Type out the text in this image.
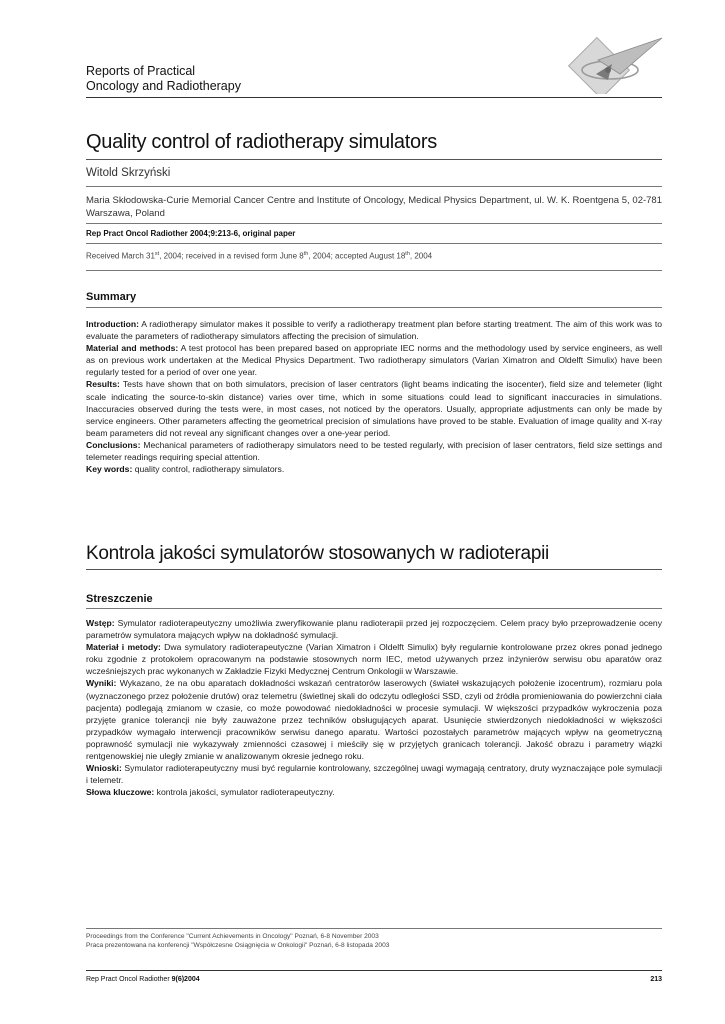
Reports of Practical
Oncology and Radiotherapy
Quality control of radiotherapy simulators
Witold Skrzyński
Maria Skłodowska-Curie Memorial Cancer Centre and Institute of Oncology, Medical Physics Department, ul. W. K. Roentgena 5, 02-781 Warszawa, Poland
Rep Pract Oncol Radiother 2004;9:213-6, original paper
Received March 31st, 2004; received in a revised form June 8th, 2004; accepted August 18th, 2004
Summary

Introduction: A radiotherapy simulator makes it possible to verify a radiotherapy treatment plan before starting treatment. The aim of this work was to evaluate the parameters of radiotherapy simulators affecting the precision of simulation.

Material and methods: A test protocol has been prepared based on appropriate IEC norms and the methodology used by service engineers, as well as on previous work undertaken at the Medical Physics Department. Two radiotherapy simulators (Varian Ximatron and Oldelft Simulix) have been regularly tested for a period of over one year.

Results: Tests have shown that on both simulators, precision of laser centrators (light beams indicating the isocenter), field size and telemeter (light scale indicating the source-to-skin distance) varies over time, which in some situations could lead to significant inaccuracies in simulations. Inaccuracies observed during the tests were, in most cases, not noticed by the operators. Usually, appropriate adjustments can only be made by service engineers. Other parameters affecting the geometrical precision of simulations have proved to be stable. Evaluation of image quality and X-ray beam parameters did not reveal any significant changes over a one-year period.

Conclusions: Mechanical parameters of radiotherapy simulators need to be tested regularly, with precision of laser centrators, field size settings and telemeter readings requiring special attention.

Key words: quality control, radiotherapy simulators.

Kontrola jakości symulatorów stosowanych w radioterapii
Streszczenie

Wstęp: Symulator radioterapeutyczny umożliwia zweryfikowanie planu radioterapii przed jej rozpoczęciem. Celem pracy było przeprowadzenie oceny parametrów symulatora mających wpływ na dokładność symulacji.

Materiał i metody: Dwa symulatory radioterapeutyczne (Varian Ximatron i Oldelft Simulix) były regularnie kontrolowane przez okres ponad jednego roku zgodnie z protokołem opracowanym na podstawie stosownych norm IEC, metod używanych przez inżynierów serwisu obu aparatów oraz wcześniejszych prac wykonanych w Zakładzie Fizyki Medycznej Centrum Onkologii w Warszawie.

Wyniki: Wykazano, że na obu aparatach dokładności wskazań centratorów laserowych (świateł wskazujących położenie izocentrum), rozmiaru pola (wyznaczonego przez położenie drutów) oraz telemetru (świetlnej skali do odczytu odległości SSD, czyli od źródła promieniowania do powierzchni ciała pacjenta) podlegają zmianom w czasie, co może powodować niedokładności w procesie symulacji. W większości przypadków wykroczenia poza przyjęte granice tolerancji nie były zauważone przez techników obsługujących aparat. Usunięcie stwierdzonych niedokładności w większości przypadków wymagało interwencji pracowników serwisu danego aparatu. Wartości pozostałych parametrów mających wpływ na geometryczną poprawność symulacji nie wykazywały zmienności czasowej i mieściły się w przyjętych granicach tolerancji. Jakość obrazu i parametry wiązki rentgenowskiej nie uległy zmianie w analizowanym okresie jednego roku.

Wnioski: Symulator radioterapeutyczny musi być regularnie kontrolowany, szczególnej uwagi wymagają centratory, druty wyznaczające pole symulacji i telemetr.

Słowa kluczowe: kontrola jakości, symulator radioterapeutyczny.

Proceedings from the Conference "Current Achievements in Oncology" Poznań, 6-8 November 2003
Praca prezentowana na konferencji "Współczesne Osiągnięcia w Onkologii" Poznań, 6-8 listopada 2003
Rep Pract Oncol Radiother 9(6)2004	213
